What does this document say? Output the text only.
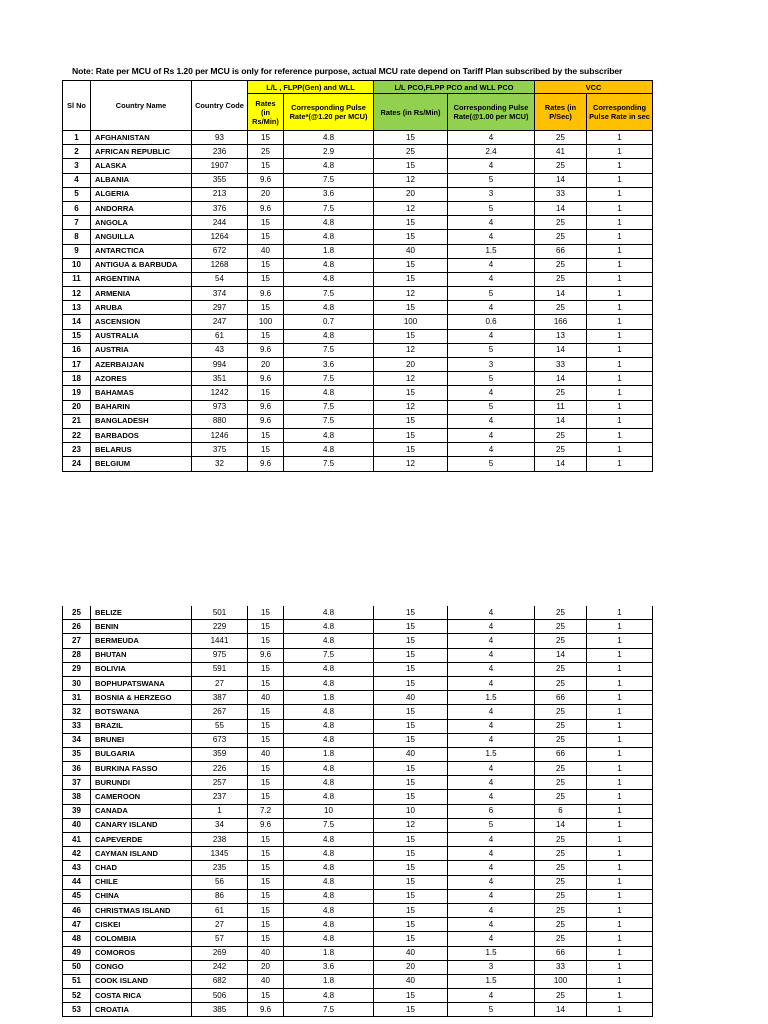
Note: Rate per MCU of Rs 1.20 per MCU is only for reference purpose, actual MCU rate depend on Tariff Plan subscribed by the subscriber
Sl No	Country Name	Country Code	L/L , FLPP(Gen) and WLL		L/L PCO,FLPP PCO and WLL PCO		VCC	
			Rates (in Rs/Min)	Corresponding Pulse Rate*(@1.20 per MCU)	Rates (in Rs/Min)	Corresponding Pulse Rate(@1.00 per MCU)	Rates (in P/Sec)	Corresponding Pulse Rate in sec
1	AFGHANISTAN	93	15	4.8	15	4	25	1
2	AFRICAN REPUBLIC	236	25	2.9	25	2.4	41	1
3	ALASKA	1907	15	4.8	15	4	25	1
4	ALBANIA	355	9.6	7.5	12	5	14	1
5	ALGERIA	213	20	3.6	20	3	33	1
6	ANDORRA	376	9.6	7.5	12	5	14	1
7	ANGOLA	244	15	4.8	15	4	25	1
8	ANGUILLA	1264	15	4.8	15	4	25	1
9	ANTARCTICA	672	40	1.8	40	1.5	66	1
10	ANTIGUA & BARBUDA	1268	15	4.8	15	4	25	1
11	ARGENTINA	54	15	4.8	15	4	25	1
12	ARMENIA	374	9.6	7.5	12	5	14	1
13	ARUBA	297	15	4.8	15	4	25	1
14	ASCENSION	247	100	0.7	100	0.6	166	1
15	AUSTRALIA	61	15	4.8	15	4	13	1
16	AUSTRIA	43	9.6	7.5	12	5	14	1
17	AZERBAIJAN	994	20	3.6	20	3	33	1
18	AZORES	351	9.6	7.5	12	5	14	1
19	BAHAMAS	1242	15	4.8	15	4	25	1
20	BAHARIN	973	9.6	7.5	12	5	11	1
21	BANGLADESH	880	9.6	7.5	15	4	14	1
22	BARBADOS	1246	15	4.8	15	4	25	1
23	BELARUS	375	15	4.8	15	4	25	1
24	BELGIUM	32	9.6	7.5	12	5	14	1
25	BELIZE	501	15	4.8	15	4	25	1
26	BENIN	229	15	4.8	15	4	25	1
27	BERMEUDA	1441	15	4.8	15	4	25	1
28	BHUTAN	975	9.6	7.5	15	4	14	1
29	BOLIVIA	591	15	4.8	15	4	25	1
30	BOPHUPATSWANA	27	15	4.8	15	4	25	1
31	BOSNIA & HERZEGO	387	40	1.8	40	1.5	66	1
32	BOTSWANA	267	15	4.8	15	4	25	1
33	BRAZIL	55	15	4.8	15	4	25	1
34	BRUNEI	673	15	4.8	15	4	25	1
35	BULGARIA	359	40	1.8	40	1.5	66	1
36	BURKINA FASSO	226	15	4.8	15	4	25	1
37	BURUNDI	257	15	4.8	15	4	25	1
38	CAMEROON	237	15	4.8	15	4	25	1
39	CANADA	1	7.2	10	10	6	6	1
40	CANARY ISLAND	34	9.6	7.5	12	5	14	1
41	CAPEVERDE	238	15	4.8	15	4	25	1
42	CAYMAN ISLAND	1345	15	4.8	15	4	25	1
43	CHAD	235	15	4.8	15	4	25	1
44	CHILE	56	15	4.8	15	4	25	1
45	CHINA	86	15	4.8	15	4	25	1
46	CHRISTMAS ISLAND	61	15	4.8	15	4	25	1
47	CISKEI	27	15	4.8	15	4	25	1
48	COLOMBIA	57	15	4.8	15	4	25	1
49	COMOROS	269	40	1.8	40	1.5	66	1
50	CONGO	242	20	3.6	20	3	33	1
51	COOK ISLAND	682	40	1.8	40	1.5	100	1
52	COSTA RICA	506	15	4.8	15	4	25	1
53	CROATIA	385	9.6	7.5	15	5	14	1
